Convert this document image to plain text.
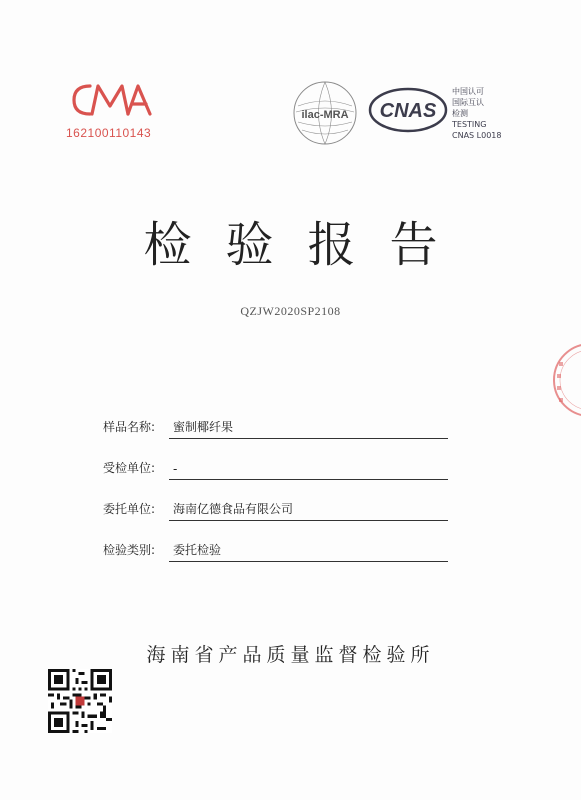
162100110143
ilac-MRA CNAS
中国认可
国际互认
检测
TESTING
CNAS L0018
检验报告
QZJW2020SP2108
样品名称:	蜜制椰纤果
受检单位:	-
委托单位:	海南亿德食品有限公司
检验类别:	委托检验
海南省产品质量监督检验所
